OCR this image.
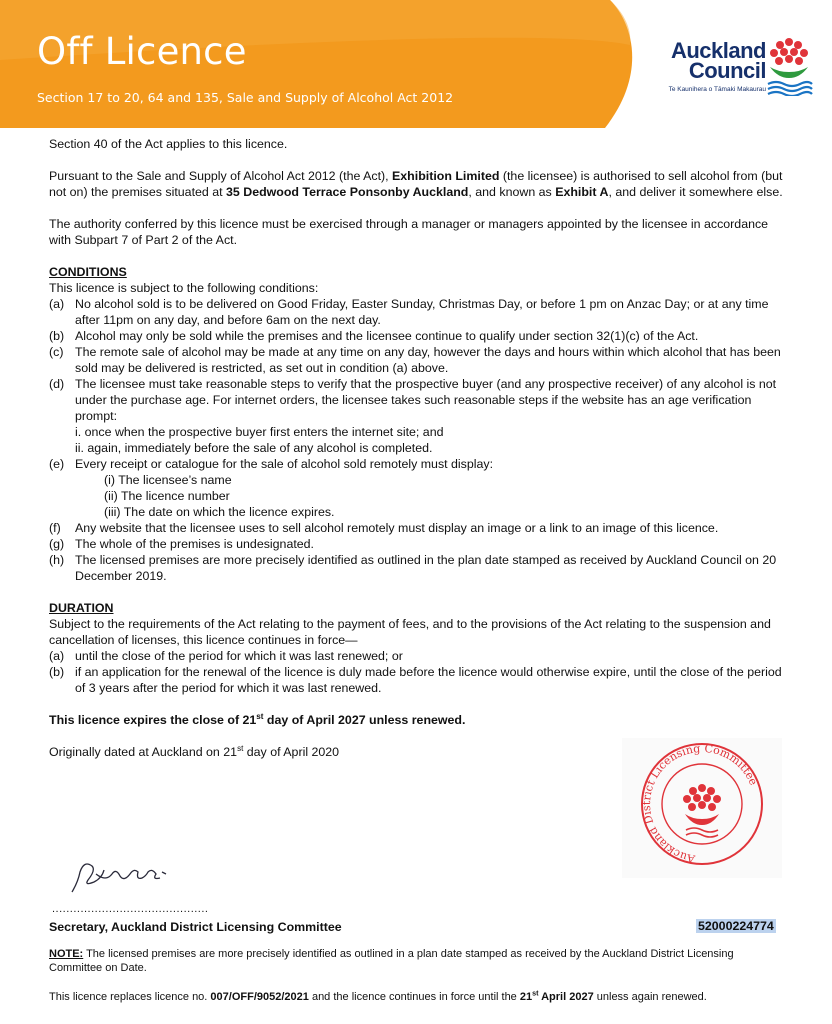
Off Licence
Section 17 to 20, 64 and 135, Sale and Supply of Alcohol Act 2012
Auckland
Council
Te Kaunihera o Tāmaki Makaurau

Section 40 of the Act applies to this licence.

Pursuant to the Sale and Supply of Alcohol Act 2012 (the Act), Exhibition Limited (the licensee) is authorised to sell alcohol from (but not on) the premises situated at 35 Dedwood Terrace Ponsonby Auckland, and known as Exhibit A, and deliver it somewhere else.

The authority conferred by this licence must be exercised through a manager or managers appointed by the licensee in accordance with Subpart 7 of Part 2 of the Act.

CONDITIONS

This licence is subject to the following conditions:

(a) No alcohol sold is to be delivered on Good Friday, Easter Sunday, Christmas Day, or before 1 pm on Anzac Day; or at any time after 11pm on any day, and before 6am on the next day.
(b) Alcohol may only be sold while the premises and the licensee continue to qualify under section 32(1)(c) of the Act.
(c) The remote sale of alcohol may be made at any time on any day, however the days and hours within which alcohol that has been sold may be delivered is restricted, as set out in condition (a) above.
(d) The licensee must take reasonable steps to verify that the prospective buyer (and any prospective receiver) of any alcohol is not under the purchase age. For internet orders, the licensee takes such reasonable steps if the website has an age verification prompt:
i. once when the prospective buyer first enters the internet site; and
ii. again, immediately before the sale of any alcohol is completed.
(e) Every receipt or catalogue for the sale of alcohol sold remotely must display:
(i) The licensee’s name
(ii) The licence number
(iii) The date on which the licence expires.
(f)	Any website that the licensee uses to sell alcohol remotely must display an image or a link to an image of this licence.
(g) The whole of the premises is undesignated.
(h) The licensed premises are more precisely identified as outlined in the plan date stamped as received by Auckland Council on 20 December 2019.

DURATION

Subject to the requirements of the Act relating to the payment of fees, and to the provisions of the Act relating to the suspension and cancellation of licenses, this licence continues in force—

(a) until the close of the period for which it was last renewed; or
(b) if an application for the renewal of the licence is duly made before the licence would otherwise expire, until the close of the period of 3 years after the period for which it was last renewed.

This licence expires the close of 21st day of April 2027 unless renewed.

Originally dated at Auckland on 21st day of April 2020

Auckland District Licensing Committee
............................................
Secretary, Auckland District Licensing Committee	52000224774
NOTE: The licensed premises are more precisely identified as outlined in a plan date stamped as received by the Auckland District Licensing Committee on Date.
This licence replaces licence no. 007/OFF/9052/2021 and the licence continues in force until the 21st April 2027 unless again renewed.
